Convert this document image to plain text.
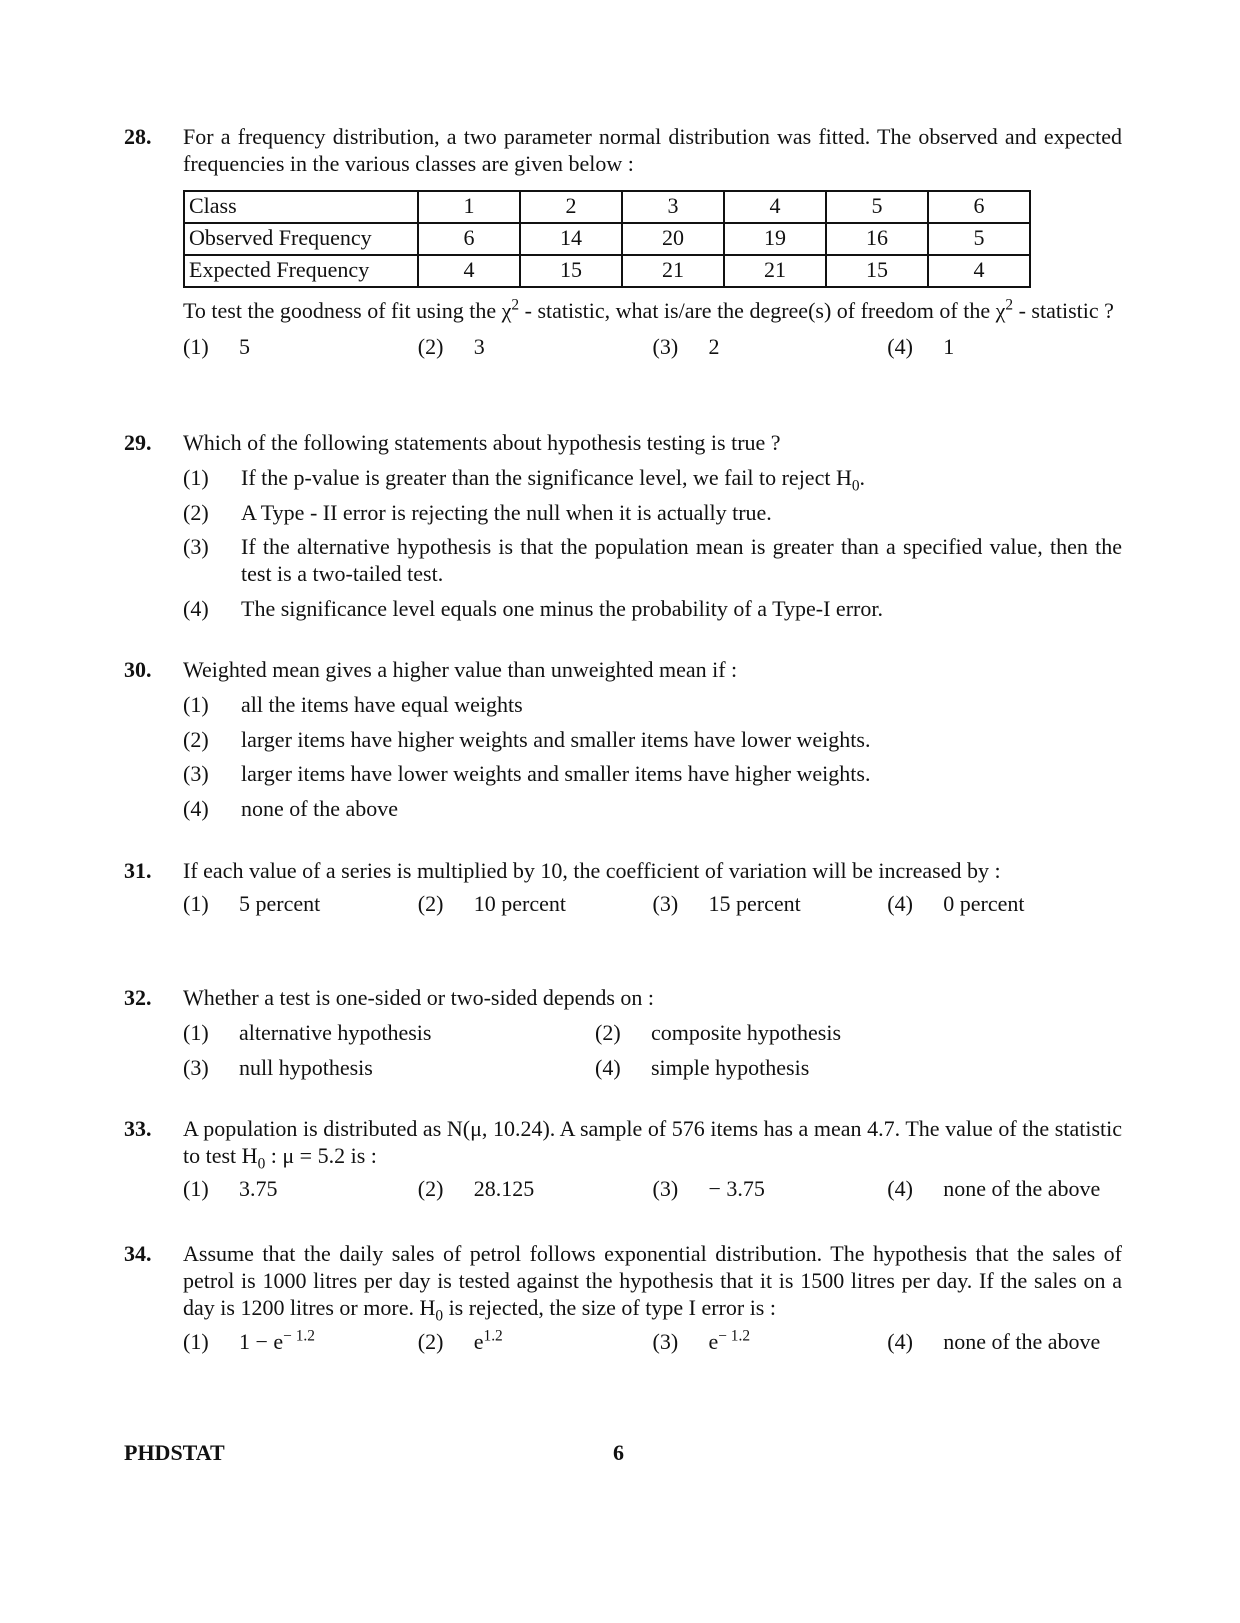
28. For a frequency distribution, a two parameter normal distribution was fitted. The observed and expected frequencies in the various classes are given below :

Class	1	2	3	4	5	6
Observed Frequency	6	14	20	19	16	5
Expected Frequency	4	15	21	21	15	4

To test the goodness of fit using the $\chi^2$ - statistic, what is/are the degree(s) of freedom of the $\chi^2$ - statistic ?

(1)	5	(2)	3	(3)	2	(4)	1
29. Which of the following statements about hypothesis testing is true ?

(1)	If the p-value is greater than the significance level, we fail to reject $H_0$.
(2)	A Type - II error is rejecting the null when it is actually true.
(3)	If the alternative hypothesis is that the population mean is greater than a specified value, then the test is a two-tailed test.
(4)	The significance level equals one minus the probability of a Type-I error.
30. Weighted mean gives a higher value than unweighted mean if :

(1)	all the items have equal weights
(2)	larger items have higher weights and smaller items have lower weights.
(3)	larger items have lower weights and smaller items have higher weights.
(4)	none of the above
31. If each value of a series is multiplied by 10, the coefficient of variation will be increased by :

(1)	5 percent	(2)	10 percent	(3)	15 percent	(4)	0 percent
32. Whether a test is one-sided or two-sided depends on :

(1)	alternative hypothesis	(2)	composite hypothesis
(3)	null hypothesis	(4)	simple hypothesis
33. A population is distributed as N(μ, 10.24). A sample of 576 items has a mean 4.7. The value of the statistic to test $H_0$ : μ = 5.2 is :

(1)	3.75	(2)	28.125	(3)	− 3.75	(4)	none of the above
34. Assume that the daily sales of petrol follows exponential distribution. The hypothesis that the sales of petrol is 1000 litres per day is tested against the hypothesis that it is 1500 litres per day. If the sales on a day is 1200 litres or more. $H_0$ is rejected, the size of type I error is :

(1)	$1 - e^{- 1.2}$	(2)	$e^{1.2}$	(3)	$e^{- 1.2}$	(4)	none of the above
PHDSTAT	6
